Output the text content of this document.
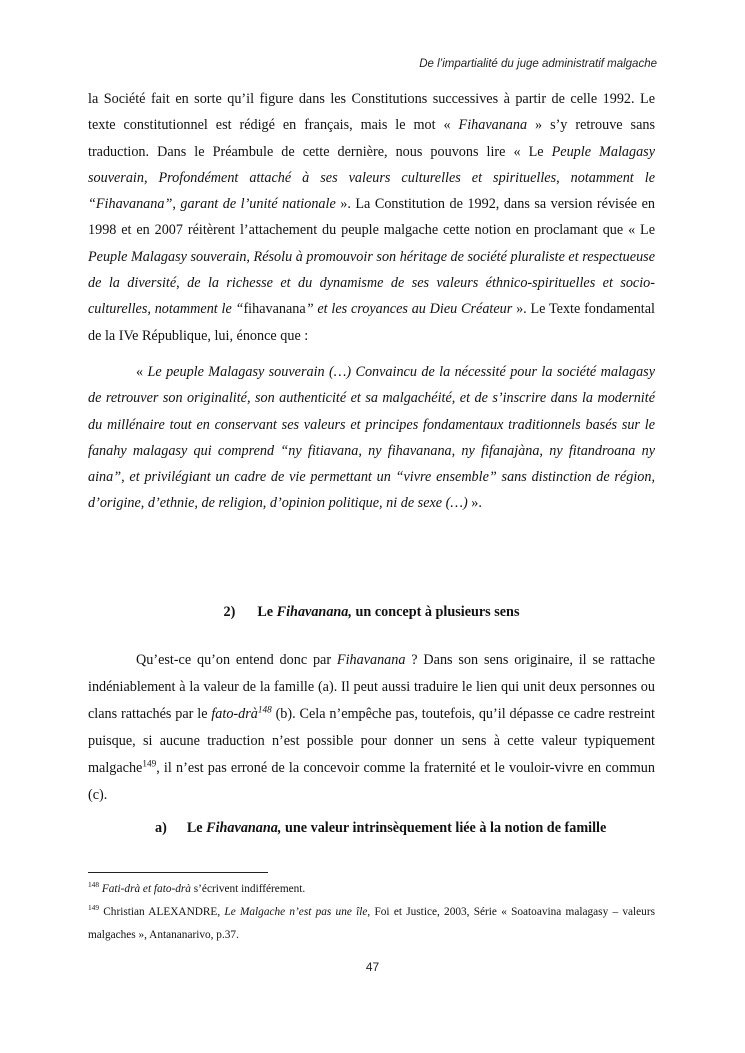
De l’impartialité du juge administratif malgache
la Société fait en sorte qu’il figure dans les Constitutions successives à partir de celle 1992. Le texte constitutionnel est rédigé en français, mais le mot « Fihavanana » s’y retrouve sans traduction. Dans le Préambule de cette dernière, nous pouvons lire « Le Peuple Malagasy souverain, Profondément attaché à ses valeurs culturelles et spirituelles, notamment le “Fihavanana”, garant de l’unité nationale ». La Constitution de 1992, dans sa version révisée en 1998 et en 2007 réitèrent l’attachement du peuple malgache cette notion en proclamant que « Le Peuple Malagasy souverain, Résolu à promouvoir son héritage de société pluraliste et respectueuse de la diversité, de la richesse et du dynamisme de ses valeurs éthnico-spirituelles et socio-culturelles, notamment le “fihavanana” et les croyances au Dieu Créateur ». Le Texte fondamental de la IVe République, lui, énonce que :
« Le peuple Malagasy souverain (…) Convaincu de la nécessité pour la société malagasy de retrouver son originalité, son authenticité et sa malgachéité, et de s’inscrire dans la modernité du millénaire tout en conservant ses valeurs et principes fondamentaux traditionnels basés sur le fanahy malagasy qui comprend “ny fitiavana, ny fihavanana, ny fifanajàna, ny fitandroana ny aina”, et privilégiant un cadre de vie permettant un “vivre ensemble” sans distinction de région, d’origine, d’ethnie, de religion, d’opinion politique, ni de sexe (…) ».
2) Le Fihavanana, un concept à plusieurs sens
Qu’est-ce qu’on entend donc par Fihavanana ? Dans son sens originaire, il se rattache indéniablement à la valeur de la famille (a). Il peut aussi traduire le lien qui unit deux personnes ou clans rattachés par le fato-drà$^{148}$ (b). Cela n’empêche pas, toutefois, qu’il dépasse ce cadre restreint puisque, si aucune traduction n’est possible pour donner un sens à cette valeur typiquement malgache$^{149}$, il n’est pas erroné de la concevoir comme la fraternité et le vouloir-vivre en commun (c).
a) Le Fihavanana, une valeur intrinsèquement liée à la notion de famille
$^{148}$ Fati-drà et fato-drà s’écrivent indifférement.
$^{149}$ Christian ALEXANDRE, Le Malgache n’est pas une île, Foi et Justice, 2003, Série « Soatoavina malagasy – valeurs malgaches », Antananarivo, p.37.
47
